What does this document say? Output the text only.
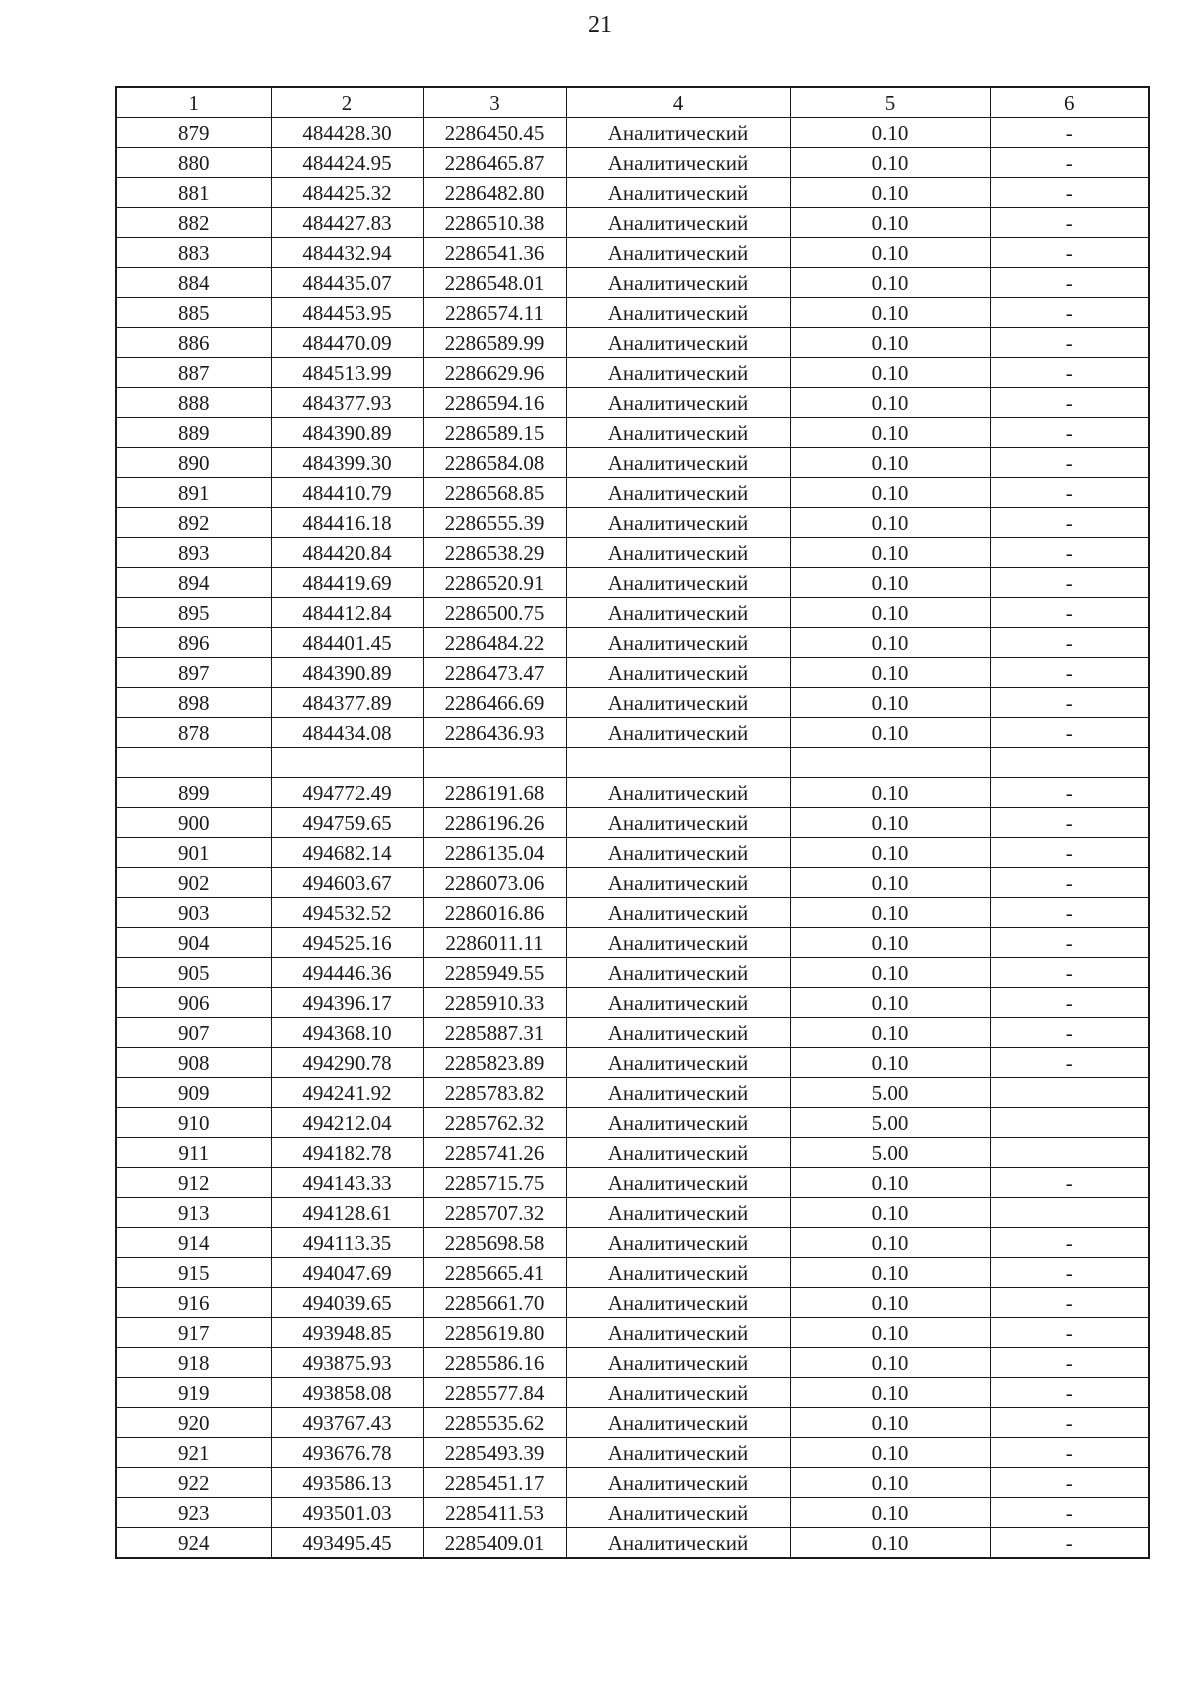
21
1	2	3	4	5	6
879	484428.30	2286450.45	Аналитический	0.10	-
880	484424.95	2286465.87	Аналитический	0.10	-
881	484425.32	2286482.80	Аналитический	0.10	-
882	484427.83	2286510.38	Аналитический	0.10	-
883	484432.94	2286541.36	Аналитический	0.10	-
884	484435.07	2286548.01	Аналитический	0.10	-
885	484453.95	2286574.11	Аналитический	0.10	-
886	484470.09	2286589.99	Аналитический	0.10	-
887	484513.99	2286629.96	Аналитический	0.10	-
888	484377.93	2286594.16	Аналитический	0.10	-
889	484390.89	2286589.15	Аналитический	0.10	-
890	484399.30	2286584.08	Аналитический	0.10	-
891	484410.79	2286568.85	Аналитический	0.10	-
892	484416.18	2286555.39	Аналитический	0.10	-
893	484420.84	2286538.29	Аналитический	0.10	-
894	484419.69	2286520.91	Аналитический	0.10	-
895	484412.84	2286500.75	Аналитический	0.10	-
896	484401.45	2286484.22	Аналитический	0.10	-
897	484390.89	2286473.47	Аналитический	0.10	-
898	484377.89	2286466.69	Аналитический	0.10	-
878	484434.08	2286436.93	Аналитический	0.10	-

899	494772.49	2286191.68	Аналитический	0.10	-
900	494759.65	2286196.26	Аналитический	0.10	-
901	494682.14	2286135.04	Аналитический	0.10	-
902	494603.67	2286073.06	Аналитический	0.10	-
903	494532.52	2286016.86	Аналитический	0.10	-
904	494525.16	2286011.11	Аналитический	0.10	-
905	494446.36	2285949.55	Аналитический	0.10	-
906	494396.17	2285910.33	Аналитический	0.10	-
907	494368.10	2285887.31	Аналитический	0.10	-
908	494290.78	2285823.89	Аналитический	0.10	-
909	494241.92	2285783.82	Аналитический	5.00	
910	494212.04	2285762.32	Аналитический	5.00	
911	494182.78	2285741.26	Аналитический	5.00	
912	494143.33	2285715.75	Аналитический	0.10	-
913	494128.61	2285707.32	Аналитический	0.10	
914	494113.35	2285698.58	Аналитический	0.10	-
915	494047.69	2285665.41	Аналитический	0.10	-
916	494039.65	2285661.70	Аналитический	0.10	-
917	493948.85	2285619.80	Аналитический	0.10	-
918	493875.93	2285586.16	Аналитический	0.10	-
919	493858.08	2285577.84	Аналитический	0.10	-
920	493767.43	2285535.62	Аналитический	0.10	-
921	493676.78	2285493.39	Аналитический	0.10	-
922	493586.13	2285451.17	Аналитический	0.10	-
923	493501.03	2285411.53	Аналитический	0.10	-
924	493495.45	2285409.01	Аналитический	0.10	-
